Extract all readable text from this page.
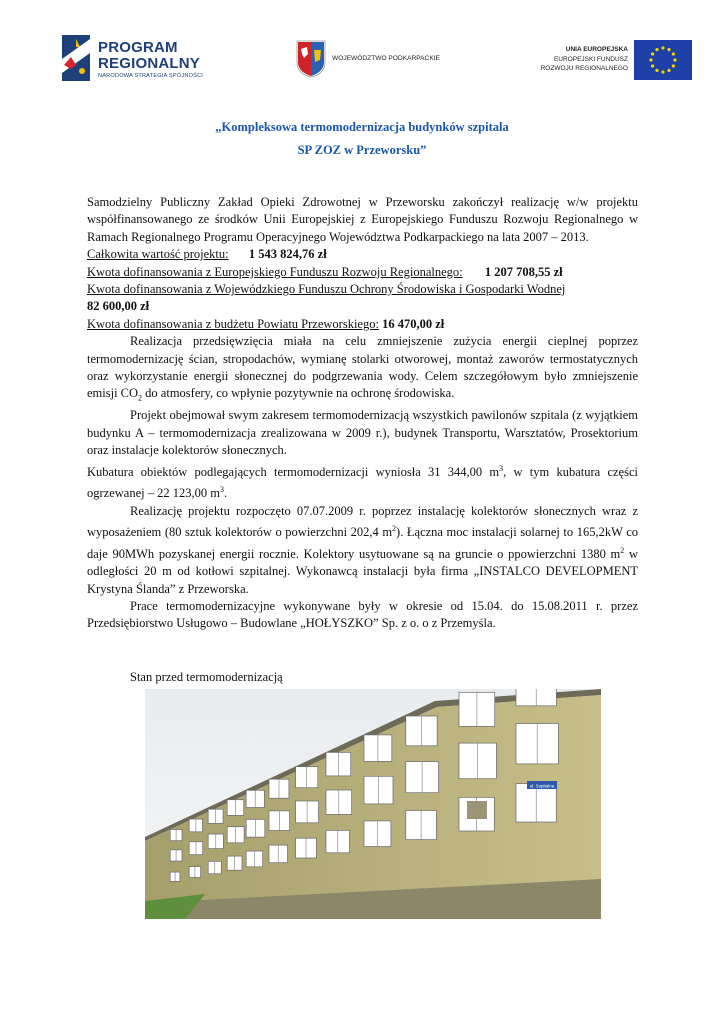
PROGRAM
REGIONALNY
NARODOWA STRATEGIA SPÓJNOŚCI
WOJEWÓDZTWO PODKARPACKIE
UNIA EUROPEJSKA
EUROPEJSKI FUNDUSZ
ROZWOJU REGIONALNEGO
„Kompleksowa termomodernizacja budynków szpitala
SP ZOZ w Przeworsku”

Samodzielny Publiczny Zakład Opieki Zdrowotnej w Przeworsku zakończył realizację w/w projektu współfinansowanego ze środków Unii Europejskiej z Europejskiego Funduszu Rozwoju Regionalnego w Ramach Regionalnego Programu Operacyjnego Województwa Podkarpackiego na lata 2007 – 2013.

Całkowita wartość projektu: 1 543 824,76 zł

Kwota dofinansowania z Europejskiego Funduszu Rozwoju Regionalnego: 1 207 708,55 zł

Kwota dofinansowania z Wojewódzkiego Funduszu Ochrony Środowiska i Gospodarki Wodnej
82 600,00 zł

Kwota dofinansowania z budżetu Powiatu Przeworskiego: 16 470,00 zł

Realizacja przedsięwzięcia miała na celu zmniejszenie zużycia energii cieplnej poprzez termomodernizację ścian, stropodachów, wymianę stolarki otworowej, montaż zaworów termostatycznych oraz wykorzystanie energii słonecznej do podgrzewania wody. Celem szczegółowym było zmniejszenie emisji $CO_2$ do atmosfery, co wpłynie pozytywnie na ochronę środowiska.

Projekt obejmował swym zakresem termomodernizacją wszystkich pawilonów szpitala (z wyjątkiem budynku A – termomodernizacja zrealizowana w 2009 r.), budynek Transportu, Warsztatów, Prosektorium oraz instalacje kolektorów słonecznych.

Kubatura obiektów podlegających termomodernizacji wyniosła 31 344,00 $m^3$, w tym kubatura części ogrzewanej – 22 123,00 $m^3$.

Realizację projektu rozpoczęto 07.07.2009 r. poprzez instalację kolektorów słonecznych wraz z wyposażeniem (80 sztuk kolektorów o powierzchni 202,4 $m^2$). Łączna moc instalacji solarnej to 165,2kW co daje 90MWh pozyskanej energii rocznie. Kolektory usytuowane są na gruncie o ppowierzchni 1380 $m^2$ w odległości 20 m od kotłowi szpitalnej. Wykonawcą instalacji była firma „INSTALCO DEVELOPMENT Krystyna Ślanda” z Przeworska.

Prace termomodernizacyjne wykonywane były w okresie od 15.04. do 15.08.2011 r. przez Przedsiębiorstwo Usługowo – Budowlane „HOŁYSZKO” Sp. z o. o z Przemyśla.

Stan przed termomodernizacją
ul. Szpitalna
